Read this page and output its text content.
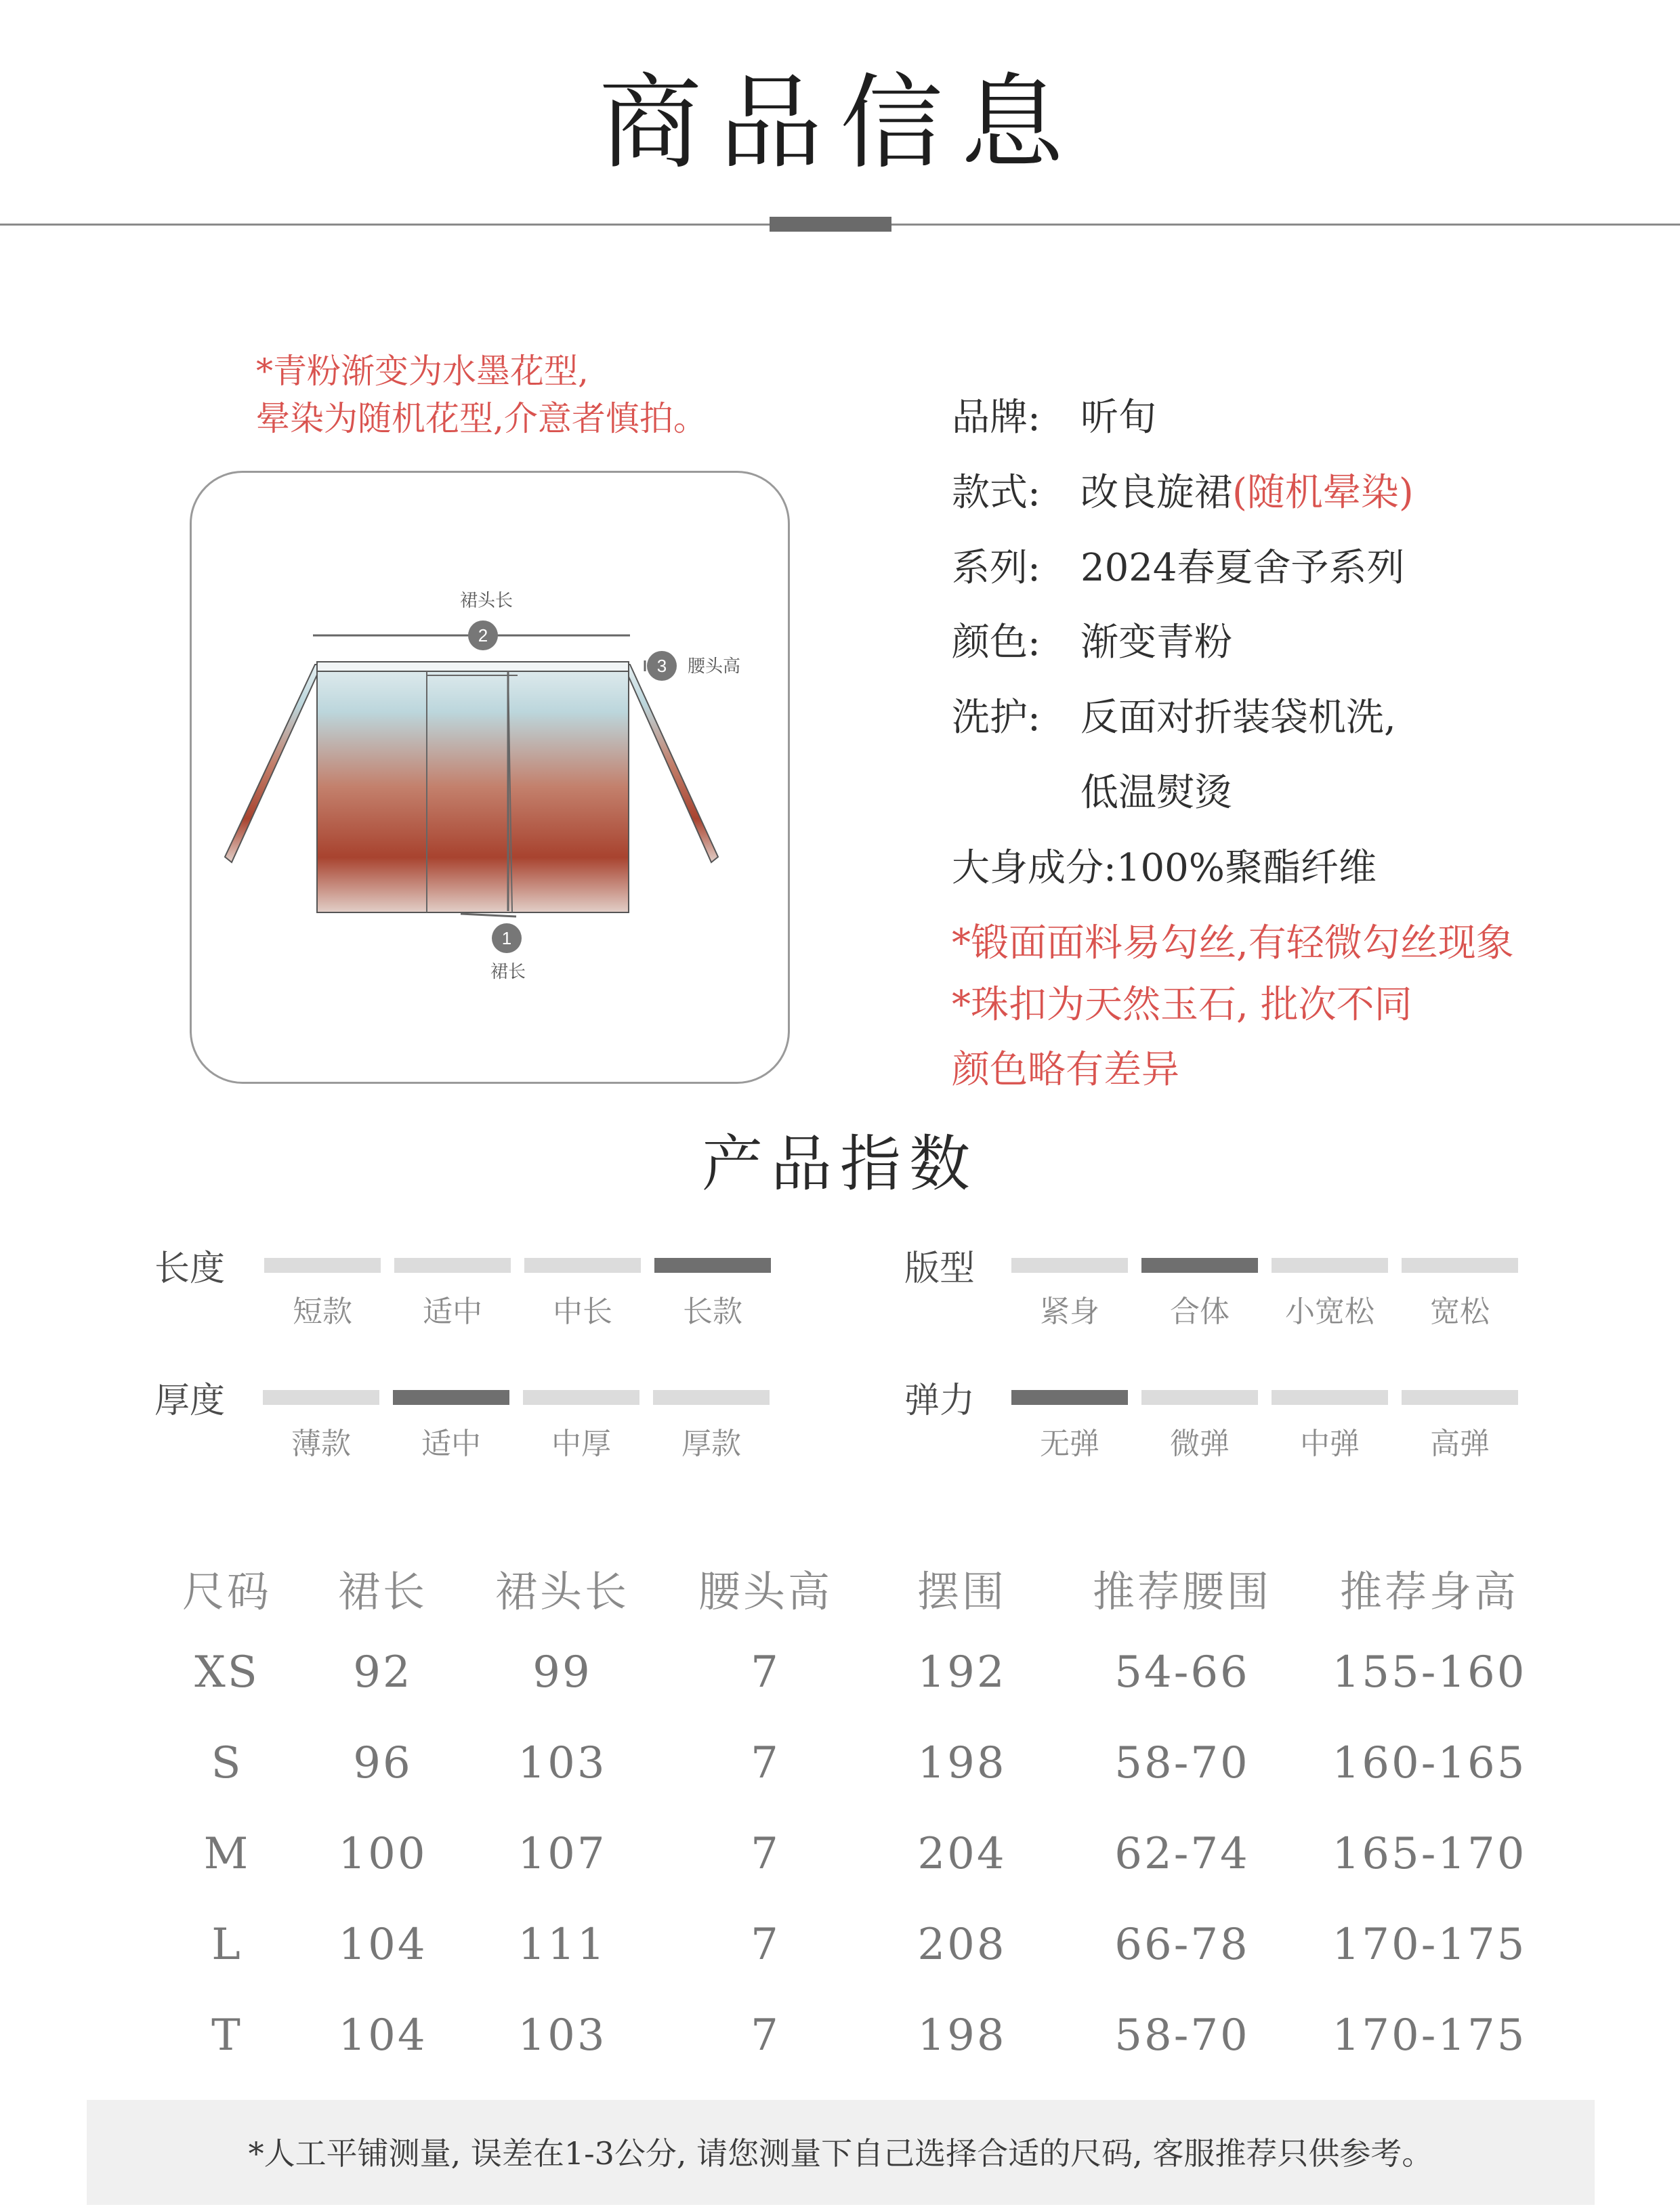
商品信息
*青粉渐变为水墨花型,
晕染为随机花型,介意者慎拍。
裙头长
2
1
裙长
3 腰头高
品牌: 听旬
款式: 改良旋裙(随机晕染)
系列: 2024春夏舍予系列
颜色: 渐变青粉
洗护: 反面对折装袋机洗,
低温熨烫
大身成分:100%聚酯纤维
*锻面面料易勾丝,有轻微勾丝现象
*珠扣为天然玉石, 批次不同
颜色略有差异
产品指数
长度
短款	适中	中长	长款
版型
紧身	合体	小宽松	宽松
厚度
薄款	适中	中厚	厚款
弹力
无弹	微弹	中弹	高弹
尺码	裙长	裙头长	腰头高	摆围	推荐腰围	推荐身高
XS	92	99	7	192	54-66	155-160
S	96	103	7	198	58-70	160-165
M	100	107	7	204	62-74	165-170
L	104	111	7	208	66-78	170-175
T	104	103	7	198	58-70	170-175
*人工平铺测量, 误差在1-3公分, 请您测量下自己选择合适的尺码, 客服推荐只供参考。
